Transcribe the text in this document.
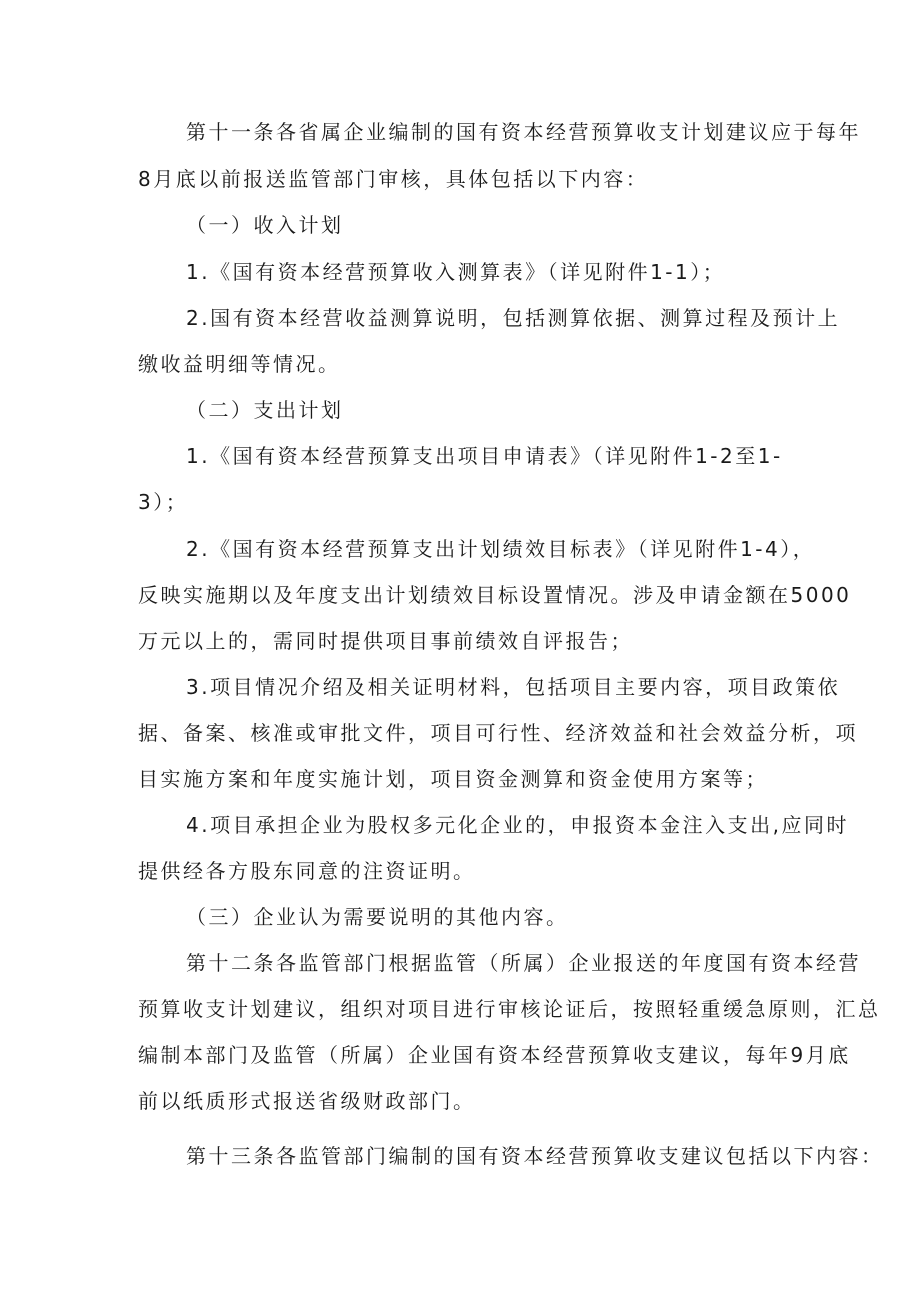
第十一条各省属企业编制的国有资本经营预算收支计划建议应于每年
8月底以前报送监管部门审核，具体包括以下内容：
（一）收入计划
1.《国有资本经营预算收入测算表》（详见附件1-1）；
2.国有资本经营收益测算说明，包括测算依据、测算过程及预计上
缴收益明细等情况。
（二）支出计划
1.《国有资本经营预算支出项目申请表》（详见附件1-2至1-
3）；
2.《国有资本经营预算支出计划绩效目标表》（详见附件1-4），
反映实施期以及年度支出计划绩效目标设置情况。涉及申请金额在5000
万元以上的，需同时提供项目事前绩效自评报告；
3.项目情况介绍及相关证明材料，包括项目主要内容，项目政策依
据、备案、核准或审批文件，项目可行性、经济效益和社会效益分析，项
目实施方案和年度实施计划，项目资金测算和资金使用方案等；
4.项目承担企业为股权多元化企业的，申报资本金注入支出,应同时
提供经各方股东同意的注资证明。
（三）企业认为需要说明的其他内容。
第十二条各监管部门根据监管（所属）企业报送的年度国有资本经营
预算收支计划建议，组织对项目进行审核论证后，按照轻重缓急原则，汇总
编制本部门及监管（所属）企业国有资本经营预算收支建议，每年9月底
前以纸质形式报送省级财政部门。
第十三条各监管部门编制的国有资本经营预算收支建议包括以下内容：
